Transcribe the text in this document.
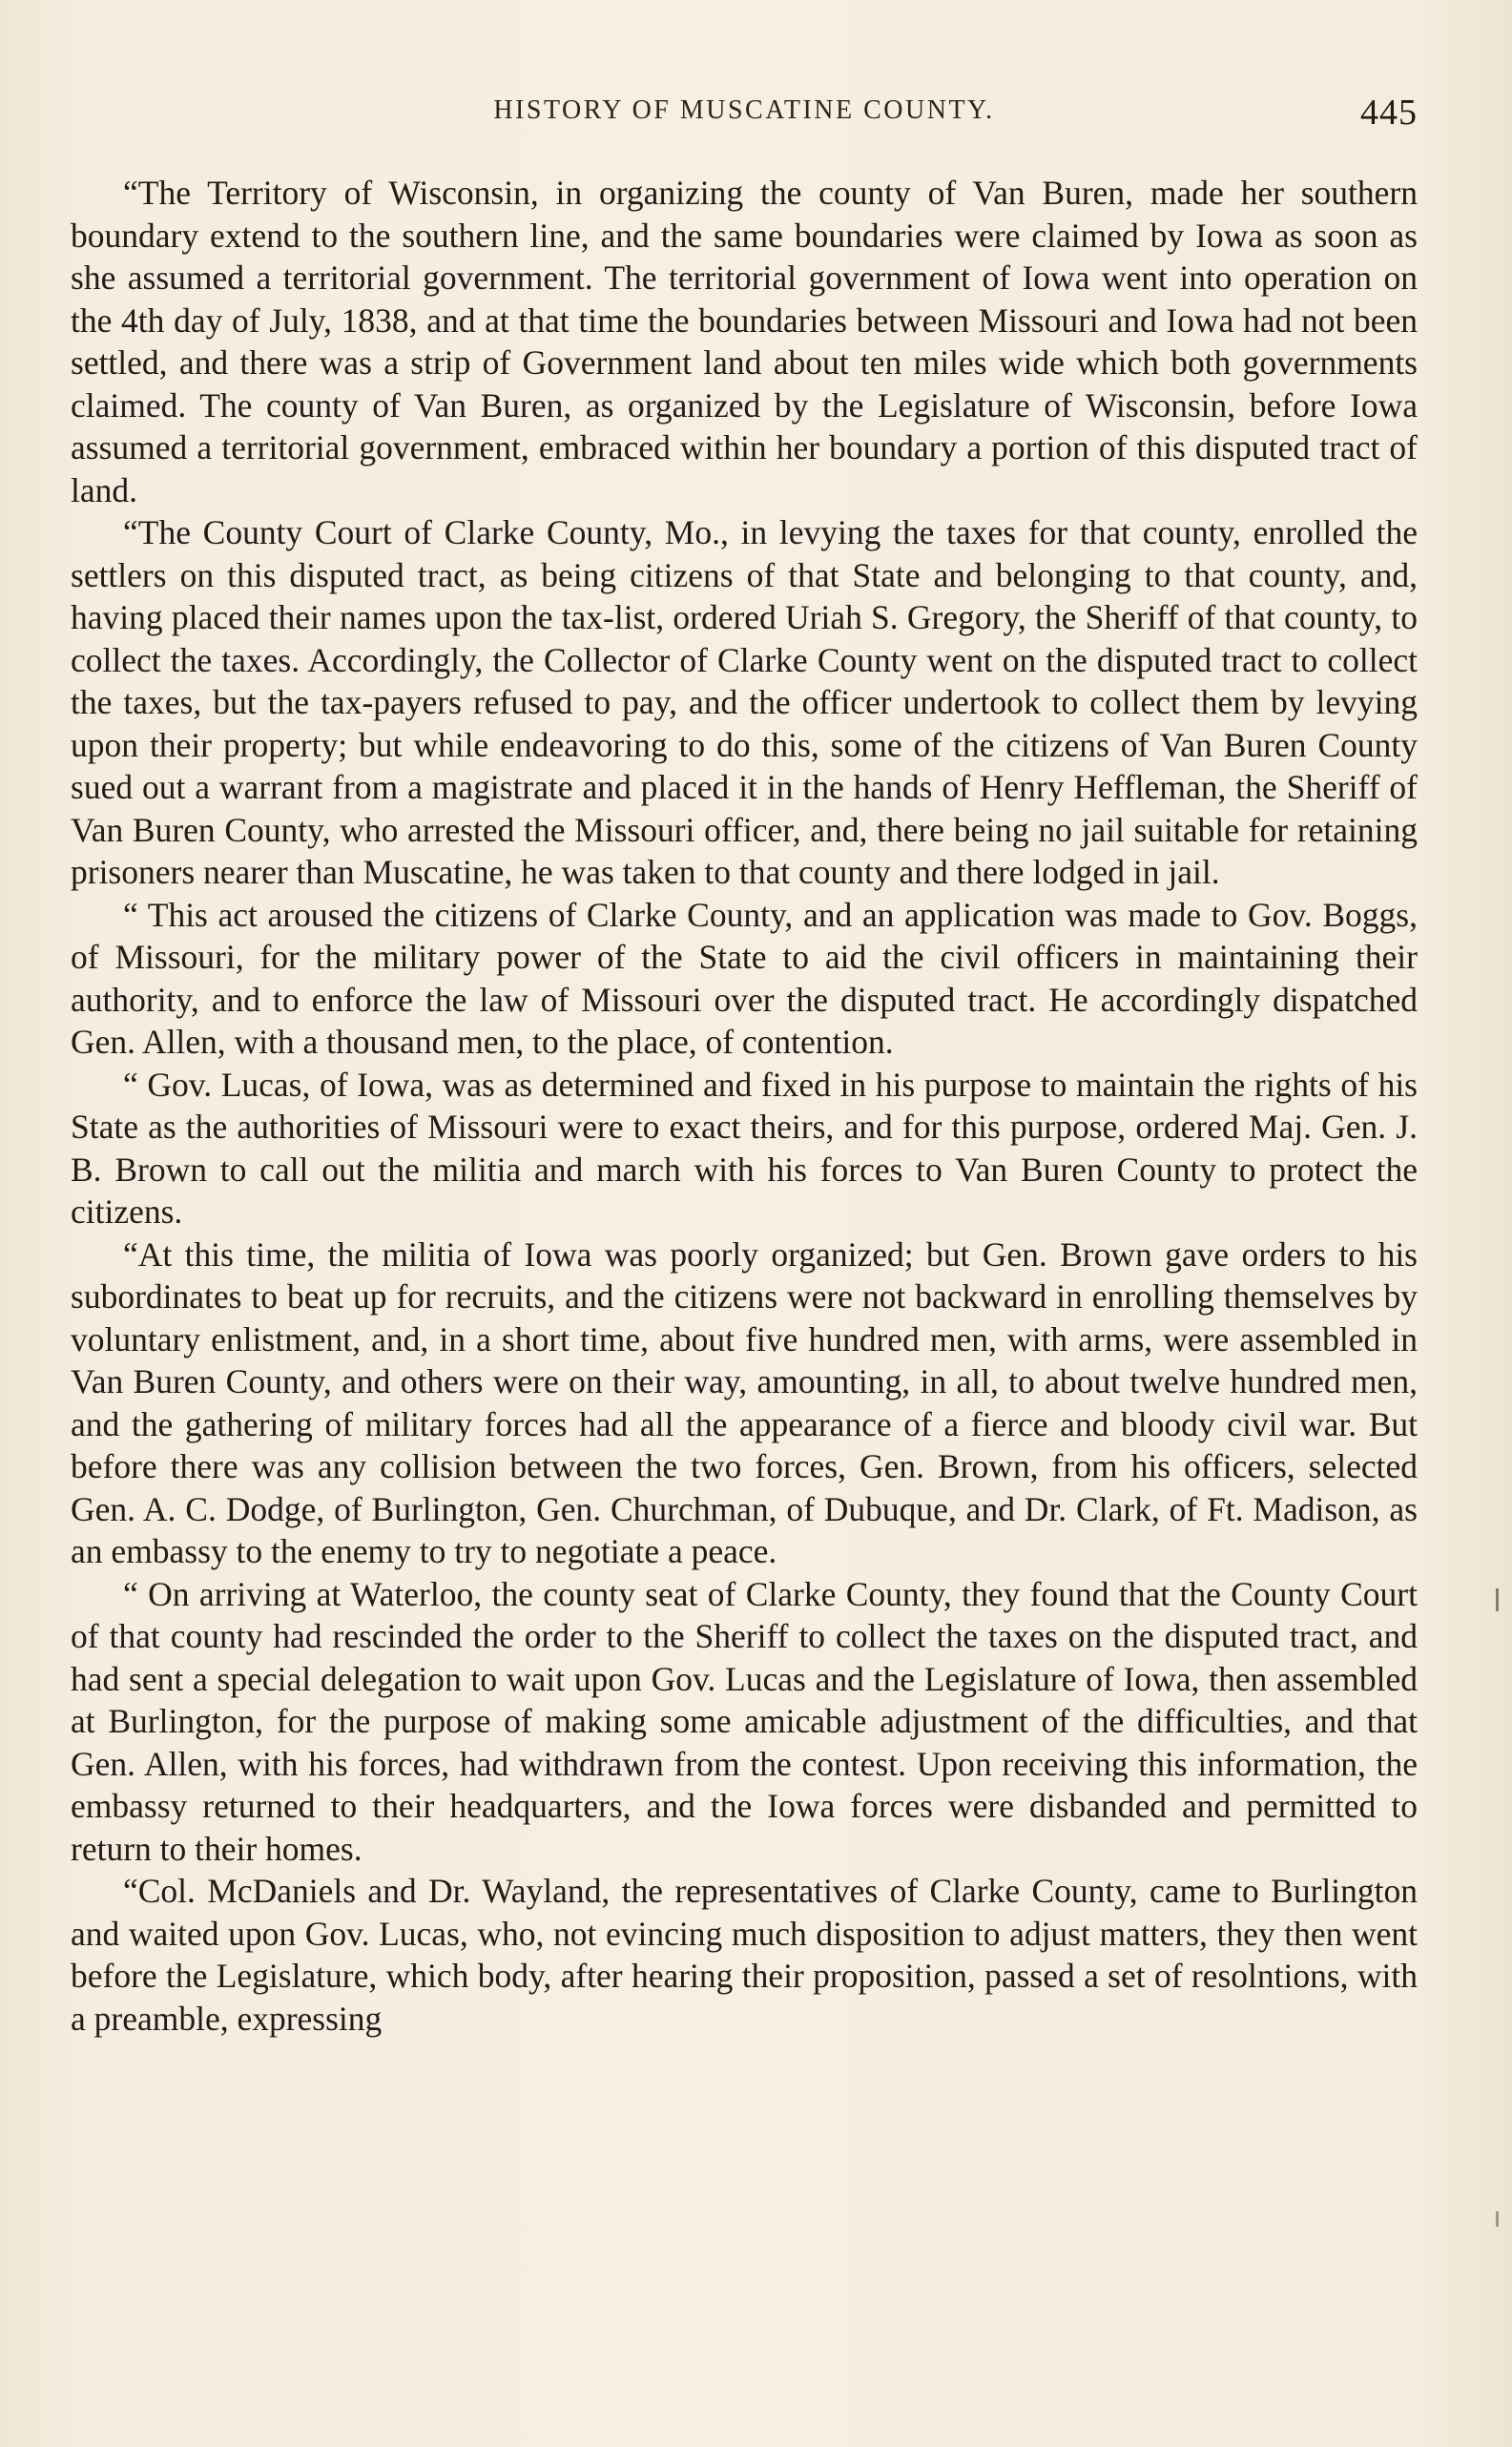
HISTORY OF MUSCATINE COUNTY.	445

“The Territory of Wisconsin, in organizing the county of Van Buren, made her southern boundary extend to the southern line, and the same boundaries were claimed by Iowa as soon as she assumed a territorial government. The territorial government of Iowa went into operation on the 4th day of July, 1838, and at that time the boundaries between Missouri and Iowa had not been settled, and there was a strip of Government land about ten miles wide which both governments claimed. The county of Van Buren, as organized by the Legislature of Wisconsin, before Iowa assumed a territorial government, embraced within her boundary a portion of this disputed tract of land.

“The County Court of Clarke County, Mo., in levying the taxes for that county, enrolled the settlers on this disputed tract, as being citizens of that State and belonging to that county, and, having placed their names upon the tax-list, ordered Uriah S. Gregory, the Sheriff of that county, to collect the taxes. Accordingly, the Collector of Clarke County went on the disputed tract to collect the taxes, but the tax-payers refused to pay, and the officer undertook to collect them by levying upon their property; but while endeavoring to do this, some of the citizens of Van Buren County sued out a warrant from a magistrate and placed it in the hands of Henry Heffleman, the Sheriff of Van Buren County, who arrested the Missouri officer, and, there being no jail suitable for retaining prisoners nearer than Muscatine, he was taken to that county and there lodged in jail.

“ This act aroused the citizens of Clarke County, and an application was made to Gov. Boggs, of Missouri, for the military power of the State to aid the civil officers in maintaining their authority, and to enforce the law of Missouri over the disputed tract. He accordingly dispatched Gen. Allen, with a thousand men, to the place, of contention.

“ Gov. Lucas, of Iowa, was as determined and fixed in his purpose to maintain the rights of his State as the authorities of Missouri were to exact theirs, and for this purpose, ordered Maj. Gen. J. B. Brown to call out the militia and march with his forces to Van Buren County to protect the citizens.

“At this time, the militia of Iowa was poorly organized; but Gen. Brown gave orders to his subordinates to beat up for recruits, and the citizens were not backward in enrolling themselves by voluntary enlistment, and, in a short time, about five hundred men, with arms, were assembled in Van Buren County, and others were on their way, amounting, in all, to about twelve hundred men, and the gathering of military forces had all the appearance of a fierce and bloody civil war. But before there was any collision between the two forces, Gen. Brown, from his officers, selected Gen. A. C. Dodge, of Burlington, Gen. Churchman, of Dubuque, and Dr. Clark, of Ft. Madison, as an embassy to the enemy to try to negotiate a peace.

“ On arriving at Waterloo, the county seat of Clarke County, they found that the County Court of that county had rescinded the order to the Sheriff to collect the taxes on the disputed tract, and had sent a special delegation to wait upon Gov. Lucas and the Legislature of Iowa, then assembled at Burlington, for the purpose of making some amicable adjustment of the difficulties, and that Gen. Allen, with his forces, had withdrawn from the contest. Upon receiving this information, the embassy returned to their headquarters, and the Iowa forces were disbanded and permitted to return to their homes.

“Col. McDaniels and Dr. Wayland, the representatives of Clarke County, came to Burlington and waited upon Gov. Lucas, who, not evincing much disposition to adjust matters, they then went before the Legislature, which body, after hearing their proposition, passed a set of resolntions, with a preamble, expressing
